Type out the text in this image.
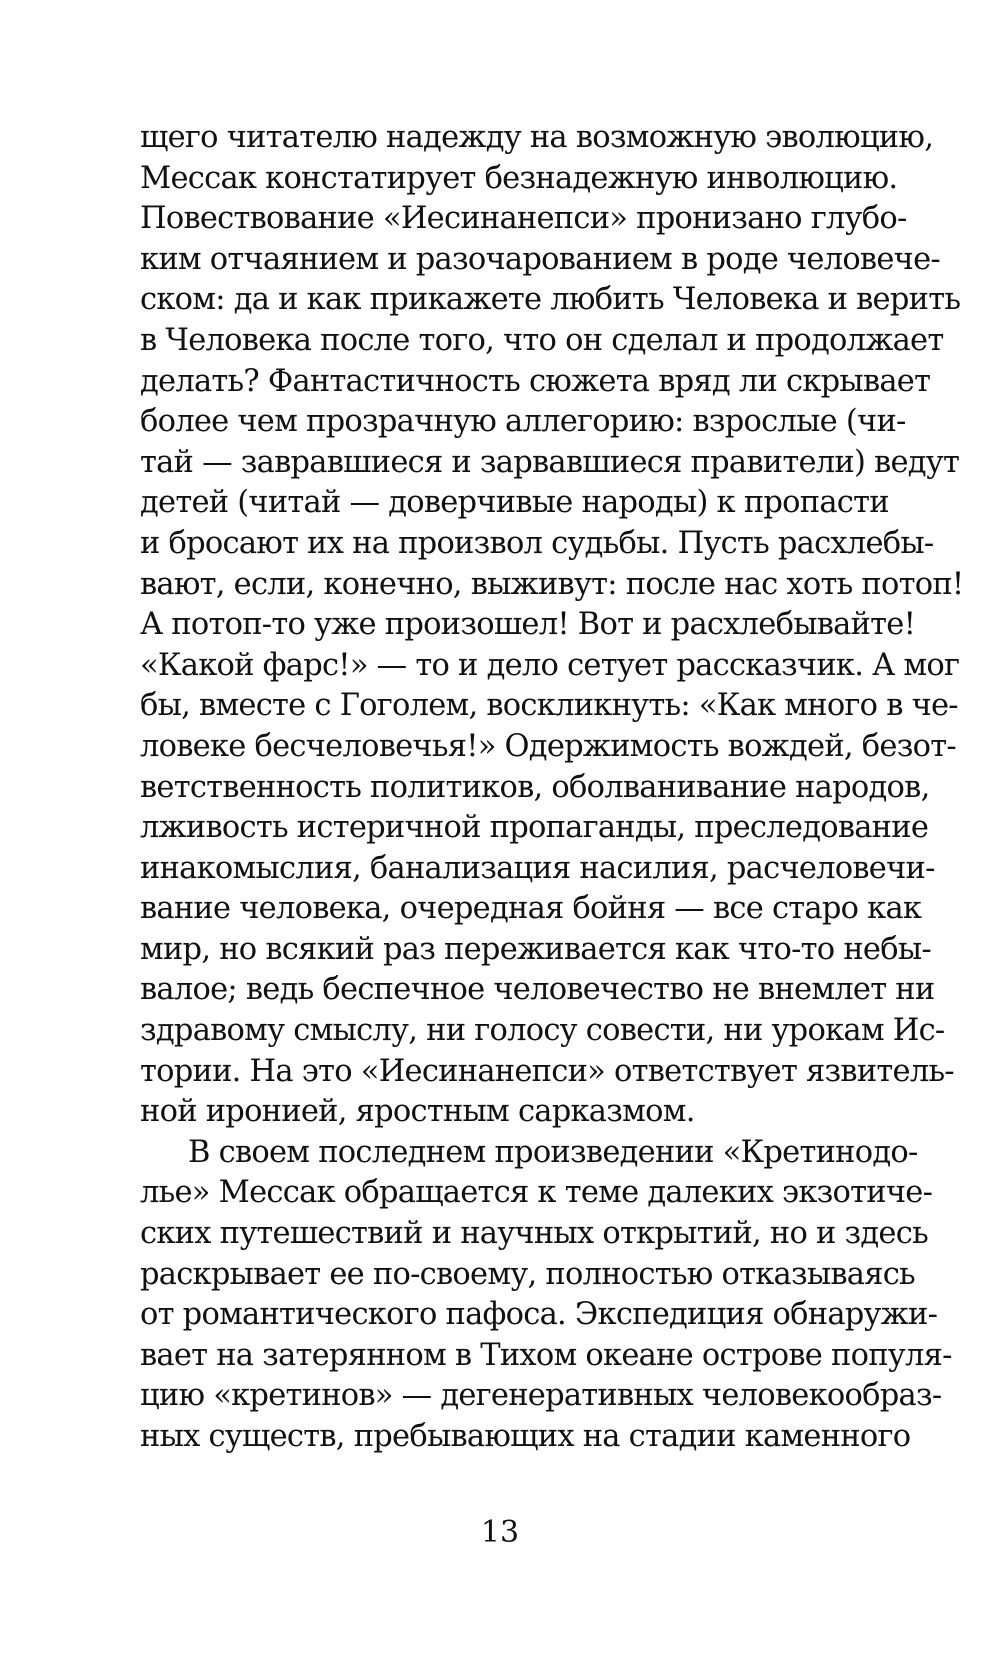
щего читателю надежду на возможную эволюцию,
Мессак констатирует безнадежную инволюцию.
Повествование «Иесинанепси» пронизано глубо-
ким отчаянием и разочарованием в роде человече-
ском: да и как прикажете любить Человека и верить
в Человека после того, что он сделал и продолжает
делать? Фантастичность сюжета вряд ли скрывает
более чем прозрачную аллегорию: взрослые (чи-
тай — завравшиеся и зарвавшиеся правители) ведут
детей (читай — доверчивые народы) к пропасти
и бросают их на произвол судьбы. Пусть расхлебы-
вают, если, конечно, выживут: после нас хоть потоп!
А потоп-то уже произошел! Вот и расхлебывайте!
«Какой фарс!» — то и дело сетует рассказчик. А мог
бы, вместе с Гоголем, воскликнуть: «Как много в че-
ловеке бесчеловечья!» Одержимость вождей, безот-
ветственность политиков, оболванивание народов,
лживость истеричной пропаганды, преследование
инакомыслия, банализация насилия, расчеловечи-
вание человека, очередная бойня — все старо как
мир, но всякий раз переживается как что-то небы-
валое; ведь беспечное человечество не внемлет ни
здравому смыслу, ни голосу совести, ни урокам Ис-
тории. На это «Иесинанепси» ответствует язвитель-
ной иронией, яростным сарказмом.
В своем последнем произведении «Кретинодо-
лье» Мессак обращается к теме далеких экзотиче-
ских путешествий и научных открытий, но и здесь
раскрывает ее по-своему, полностью отказываясь
от романтического пафоса. Экспедиция обнаружи-
вает на затерянном в Тихом океане острове популя-
цию «кретинов» — дегенеративных человекообраз-
ных существ, пребывающих на стадии каменного
13
